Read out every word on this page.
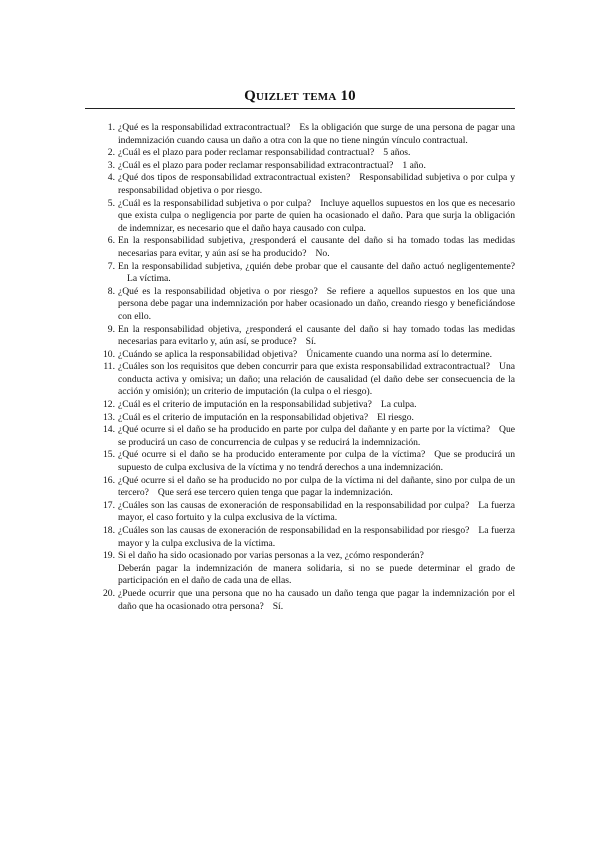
Quizlet tema 10
1. ¿Qué es la responsabilidad extracontractual? Es la obligación que surge de una persona de pagar una indemnización cuando causa un daño a otra con la que no tiene ningún vínculo contractual.
2. ¿Cuál es el plazo para poder reclamar responsabilidad contractual? 5 años.
3. ¿Cuál es el plazo para poder reclamar responsabilidad extracontractual? 1 año.
4. ¿Qué dos tipos de responsabilidad extracontractual existen? Responsabilidad subjetiva o por culpa y responsabilidad objetiva o por riesgo.
5. ¿Cuál es la responsabilidad subjetiva o por culpa? Incluye aquellos supuestos en los que es necesario que exista culpa o negligencia por parte de quien ha ocasionado el daño. Para que surja la obligación de indemnizar, es necesario que el daño haya causado con culpa.
6. En la responsabilidad subjetiva, ¿responderá el causante del daño si ha tomado todas las medidas necesarias para evitar, y aún así se ha producido? No.
7. En la responsabilidad subjetiva, ¿quién debe probar que el causante del daño actuó negligentemente?La víctima.
8. ¿Qué es la responsabilidad objetiva o por riesgo? Se refiere a aquellos supuestos en los que una persona debe pagar una indemnización por haber ocasionado un daño, creando riesgo y beneficiándose con ello.
9. En la responsabilidad objetiva, ¿responderá el causante del daño si hay tomado todas las medidas necesarias para evitarlo y, aún así, se produce? Sí.
10. ¿Cuándo se aplica la responsabilidad objetiva? Únicamente cuando una norma así lo determine.
11. ¿Cuáles son los requisitos que deben concurrir para que exista responsabilidad extracontractual? Una conducta activa y omisiva; un daño; una relación de causalidad (el daño debe ser consecuencia de la acción y omisión); un criterio de imputación (la culpa o el riesgo).
12. ¿Cuál es el criterio de imputación en la responsabilidad subjetiva? La culpa.
13. ¿Cuál es el criterio de imputación en la responsabilidad objetiva? El riesgo.
14. ¿Qué ocurre si el daño se ha producido en parte por culpa del dañante y en parte por la víctima? Que se producirá un caso de concurrencia de culpas y se reducirá la indemnización.
15. ¿Qué ocurre si el daño se ha producido enteramente por culpa de la víctima? Que se producirá un supuesto de culpa exclusiva de la víctima y no tendrá derechos a una indemnización.
16. ¿Qué ocurre si el daño se ha producido no por culpa de la víctima ni del dañante, sino por culpa de un tercero? Que será ese tercero quien tenga que pagar la indemnización.
17. ¿Cuáles son las causas de exoneración de responsabilidad en la responsabilidad por culpa? La fuerza mayor, el caso fortuito y la culpa exclusiva de la víctima.
18. ¿Cuáles son las causas de exoneración de responsabilidad en la responsabilidad por riesgo? La fuerza mayor y la culpa exclusiva de la víctima.
19. Si el daño ha sido ocasionado por varias personas a la vez, ¿cómo responderán?
Deberán pagar la indemnización de manera solidaria, si no se puede determinar el grado de participación en el daño de cada una de ellas.
20. ¿Puede ocurrir que una persona que no ha causado un daño tenga que pagar la indemnización por el daño que ha ocasionado otra persona? Sí.
